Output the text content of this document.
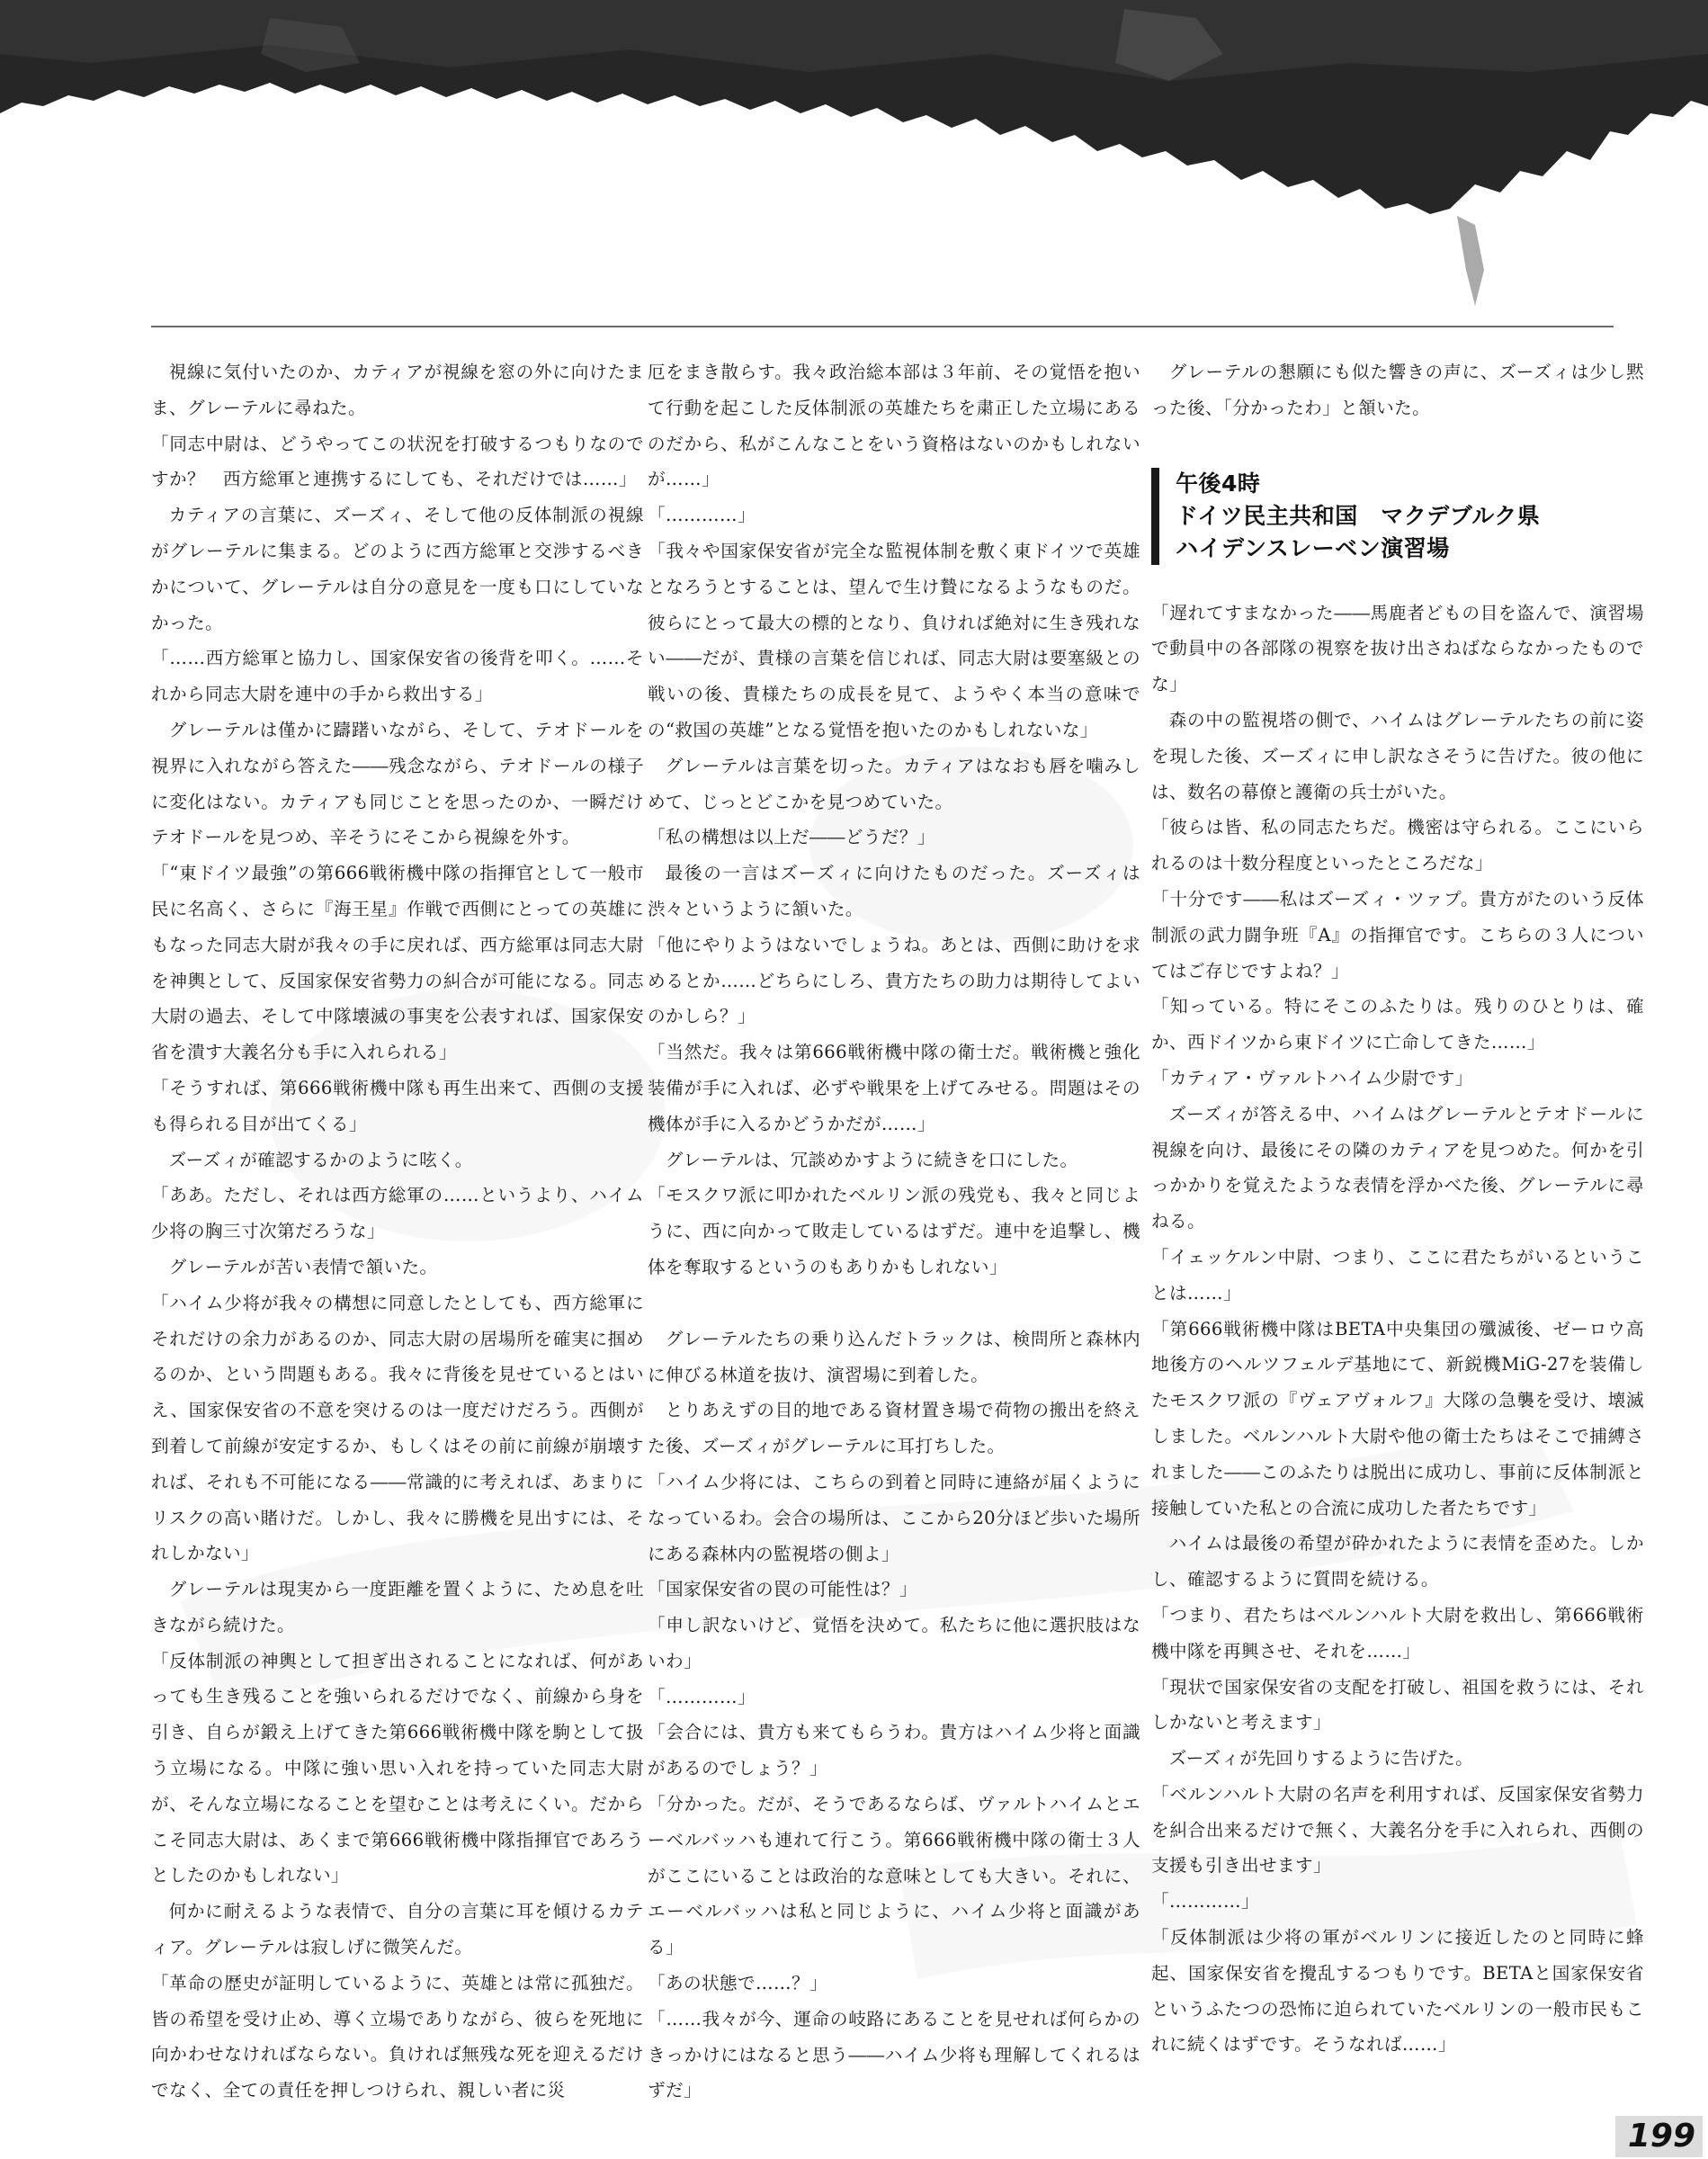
視線に気付いたのか、カティアが視線を窓の外に向けたまま、グレーテルに尋ねた。

「同志中尉は、どうやってこの状況を打破するつもりなのですか？　西方総軍と連携するにしても、それだけでは……」

カティアの言葉に、ズーズィ、そして他の反体制派の視線がグレーテルに集まる。どのように西方総軍と交渉するべきかについて、グレーテルは自分の意見を一度も口にしていなかった。

「……西方総軍と協力し、国家保安省の後背を叩く。……それから同志大尉を連中の手から救出する」

グレーテルは僅かに躊躇いながら、そして、テオドールを視界に入れながら答えた――残念ながら、テオドールの様子に変化はない。カティアも同じことを思ったのか、一瞬だけテオドールを見つめ、辛そうにそこから視線を外す。

「“東ドイツ最強”の第666戦術機中隊の指揮官として一般市民に名高く、さらに『海王星』作戦で西側にとっての英雄にもなった同志大尉が我々の手に戻れば、西方総軍は同志大尉を神輿として、反国家保安省勢力の糾合が可能になる。同志大尉の過去、そして中隊壊滅の事実を公表すれば、国家保安省を潰す大義名分も手に入れられる」

「そうすれば、第666戦術機中隊も再生出来て、西側の支援も得られる目が出てくる」

ズーズィが確認するかのように呟く。

「ああ。ただし、それは西方総軍の……というより、ハイム少将の胸三寸次第だろうな」

グレーテルが苦い表情で頷いた。

「ハイム少将が我々の構想に同意したとしても、西方総軍にそれだけの余力があるのか、同志大尉の居場所を確実に掴めるのか、という問題もある。我々に背後を見せているとはいえ、国家保安省の不意を突けるのは一度だけだろう。西側が到着して前線が安定するか、もしくはその前に前線が崩壊すれば、それも不可能になる――常識的に考えれば、あまりにリスクの高い賭けだ。しかし、我々に勝機を見出すには、それしかない」

グレーテルは現実から一度距離を置くように、ため息を吐きながら続けた。

「反体制派の神輿として担ぎ出されることになれば、何があっても生き残ることを強いられるだけでなく、前線から身を引き、自らが鍛え上げてきた第666戦術機中隊を駒として扱う立場になる。中隊に強い思い入れを持っていた同志大尉が、そんな立場になることを望むことは考えにくい。だからこそ同志大尉は、あくまで第666戦術機中隊指揮官であろうとしたのかもしれない」

何かに耐えるような表情で、自分の言葉に耳を傾けるカティア。グレーテルは寂しげに微笑んだ。

「革命の歴史が証明しているように、英雄とは常に孤独だ。皆の希望を受け止め、導く立場でありながら、彼らを死地に向かわせなければならない。負ければ無残な死を迎えるだけでなく、全ての責任を押しつけられ、親しい者に災

厄をまき散らす。我々政治総本部は３年前、その覚悟を抱いて行動を起こした反体制派の英雄たちを粛正した立場にあるのだから、私がこんなことをいう資格はないのかもしれないが……」

「…………」

「我々や国家保安省が完全な監視体制を敷く東ドイツで英雄となろうとすることは、望んで生け贄になるようなものだ。彼らにとって最大の標的となり、負ければ絶対に生き残れない――だが、貴様の言葉を信じれば、同志大尉は要塞級との戦いの後、貴様たちの成長を見て、ようやく本当の意味での“救国の英雄”となる覚悟を抱いたのかもしれないな」

グレーテルは言葉を切った。カティアはなおも唇を噛みしめて、じっとどこかを見つめていた。

「私の構想は以上だ――どうだ？」

最後の一言はズーズィに向けたものだった。ズーズィは渋々というように頷いた。

「他にやりようはないでしょうね。あとは、西側に助けを求めるとか……どちらにしろ、貴方たちの助力は期待してよいのかしら？」

「当然だ。我々は第666戦術機中隊の衛士だ。戦術機と強化装備が手に入れば、必ずや戦果を上げてみせる。問題はその機体が手に入るかどうかだが……」

グレーテルは、冗談めかすように続きを口にした。

「モスクワ派に叩かれたベルリン派の残党も、我々と同じように、西に向かって敗走しているはずだ。連中を追撃し、機体を奪取するというのもありかもしれない」

グレーテルたちの乗り込んだトラックは、検問所と森林内に伸びる林道を抜け、演習場に到着した。

とりあえずの目的地である資材置き場で荷物の搬出を終えた後、ズーズィがグレーテルに耳打ちした。

「ハイム少将には、こちらの到着と同時に連絡が届くようになっているわ。会合の場所は、ここから20分ほど歩いた場所にある森林内の監視塔の側よ」

「国家保安省の罠の可能性は？」

「申し訳ないけど、覚悟を決めて。私たちに他に選択肢はないわ」

「…………」

「会合には、貴方も来てもらうわ。貴方はハイム少将と面識があるのでしょう？」

「分かった。だが、そうであるならば、ヴァルトハイムとエーベルバッハも連れて行こう。第666戦術機中隊の衛士３人がここにいることは政治的な意味としても大きい。それに、エーベルバッハは私と同じように、ハイム少将と面識がある」

「あの状態で……？」

「……我々が今、運命の岐路にあることを見せれば何らかのきっかけにはなると思う――ハイム少将も理解してくれるはずだ」

グレーテルの懇願にも似た響きの声に、ズーズィは少し黙った後、「分かったわ」と頷いた。

午後4時
ドイツ民主共和国　マクデブルク県
ハイデンスレーベン演習場

「遅れてすまなかった――馬鹿者どもの目を盗んで、演習場で動員中の各部隊の視察を抜け出さねばならなかったものでな」

森の中の監視塔の側で、ハイムはグレーテルたちの前に姿を現した後、ズーズィに申し訳なさそうに告げた。彼の他には、数名の幕僚と護衛の兵士がいた。

「彼らは皆、私の同志たちだ。機密は守られる。ここにいられるのは十数分程度といったところだな」

「十分です――私はズーズィ・ツァプ。貴方がたのいう反体制派の武力闘争班『A』の指揮官です。こちらの３人についてはご存じですよね？」

「知っている。特にそこのふたりは。残りのひとりは、確か、西ドイツから東ドイツに亡命してきた……」

「カティア・ヴァルトハイム少尉です」

ズーズィが答える中、ハイムはグレーテルとテオドールに視線を向け、最後にその隣のカティアを見つめた。何かを引っかかりを覚えたような表情を浮かべた後、グレーテルに尋ねる。

「イェッケルン中尉、つまり、ここに君たちがいるということは……」

「第666戦術機中隊はBETA中央集団の殲滅後、ゼーロウ高地後方のヘルツフェルデ基地にて、新鋭機MiG-27を装備したモスクワ派の『ヴェアヴォルフ』大隊の急襲を受け、壊滅しました。ベルンハルト大尉や他の衛士たちはそこで捕縛されました――このふたりは脱出に成功し、事前に反体制派と接触していた私との合流に成功した者たちです」

ハイムは最後の希望が砕かれたように表情を歪めた。しかし、確認するように質問を続ける。

「つまり、君たちはベルンハルト大尉を救出し、第666戦術機中隊を再興させ、それを……」

「現状で国家保安省の支配を打破し、祖国を救うには、それしかないと考えます」

ズーズィが先回りするように告げた。

「ベルンハルト大尉の名声を利用すれば、反国家保安省勢力を糾合出来るだけで無く、大義名分を手に入れられ、西側の支援も引き出せます」

「…………」

「反体制派は少将の軍がベルリンに接近したのと同時に蜂起、国家保安省を攪乱するつもりです。BETAと国家保安省というふたつの恐怖に迫られていたベルリンの一般市民もこれに続くはずです。そうなれば……」

199
